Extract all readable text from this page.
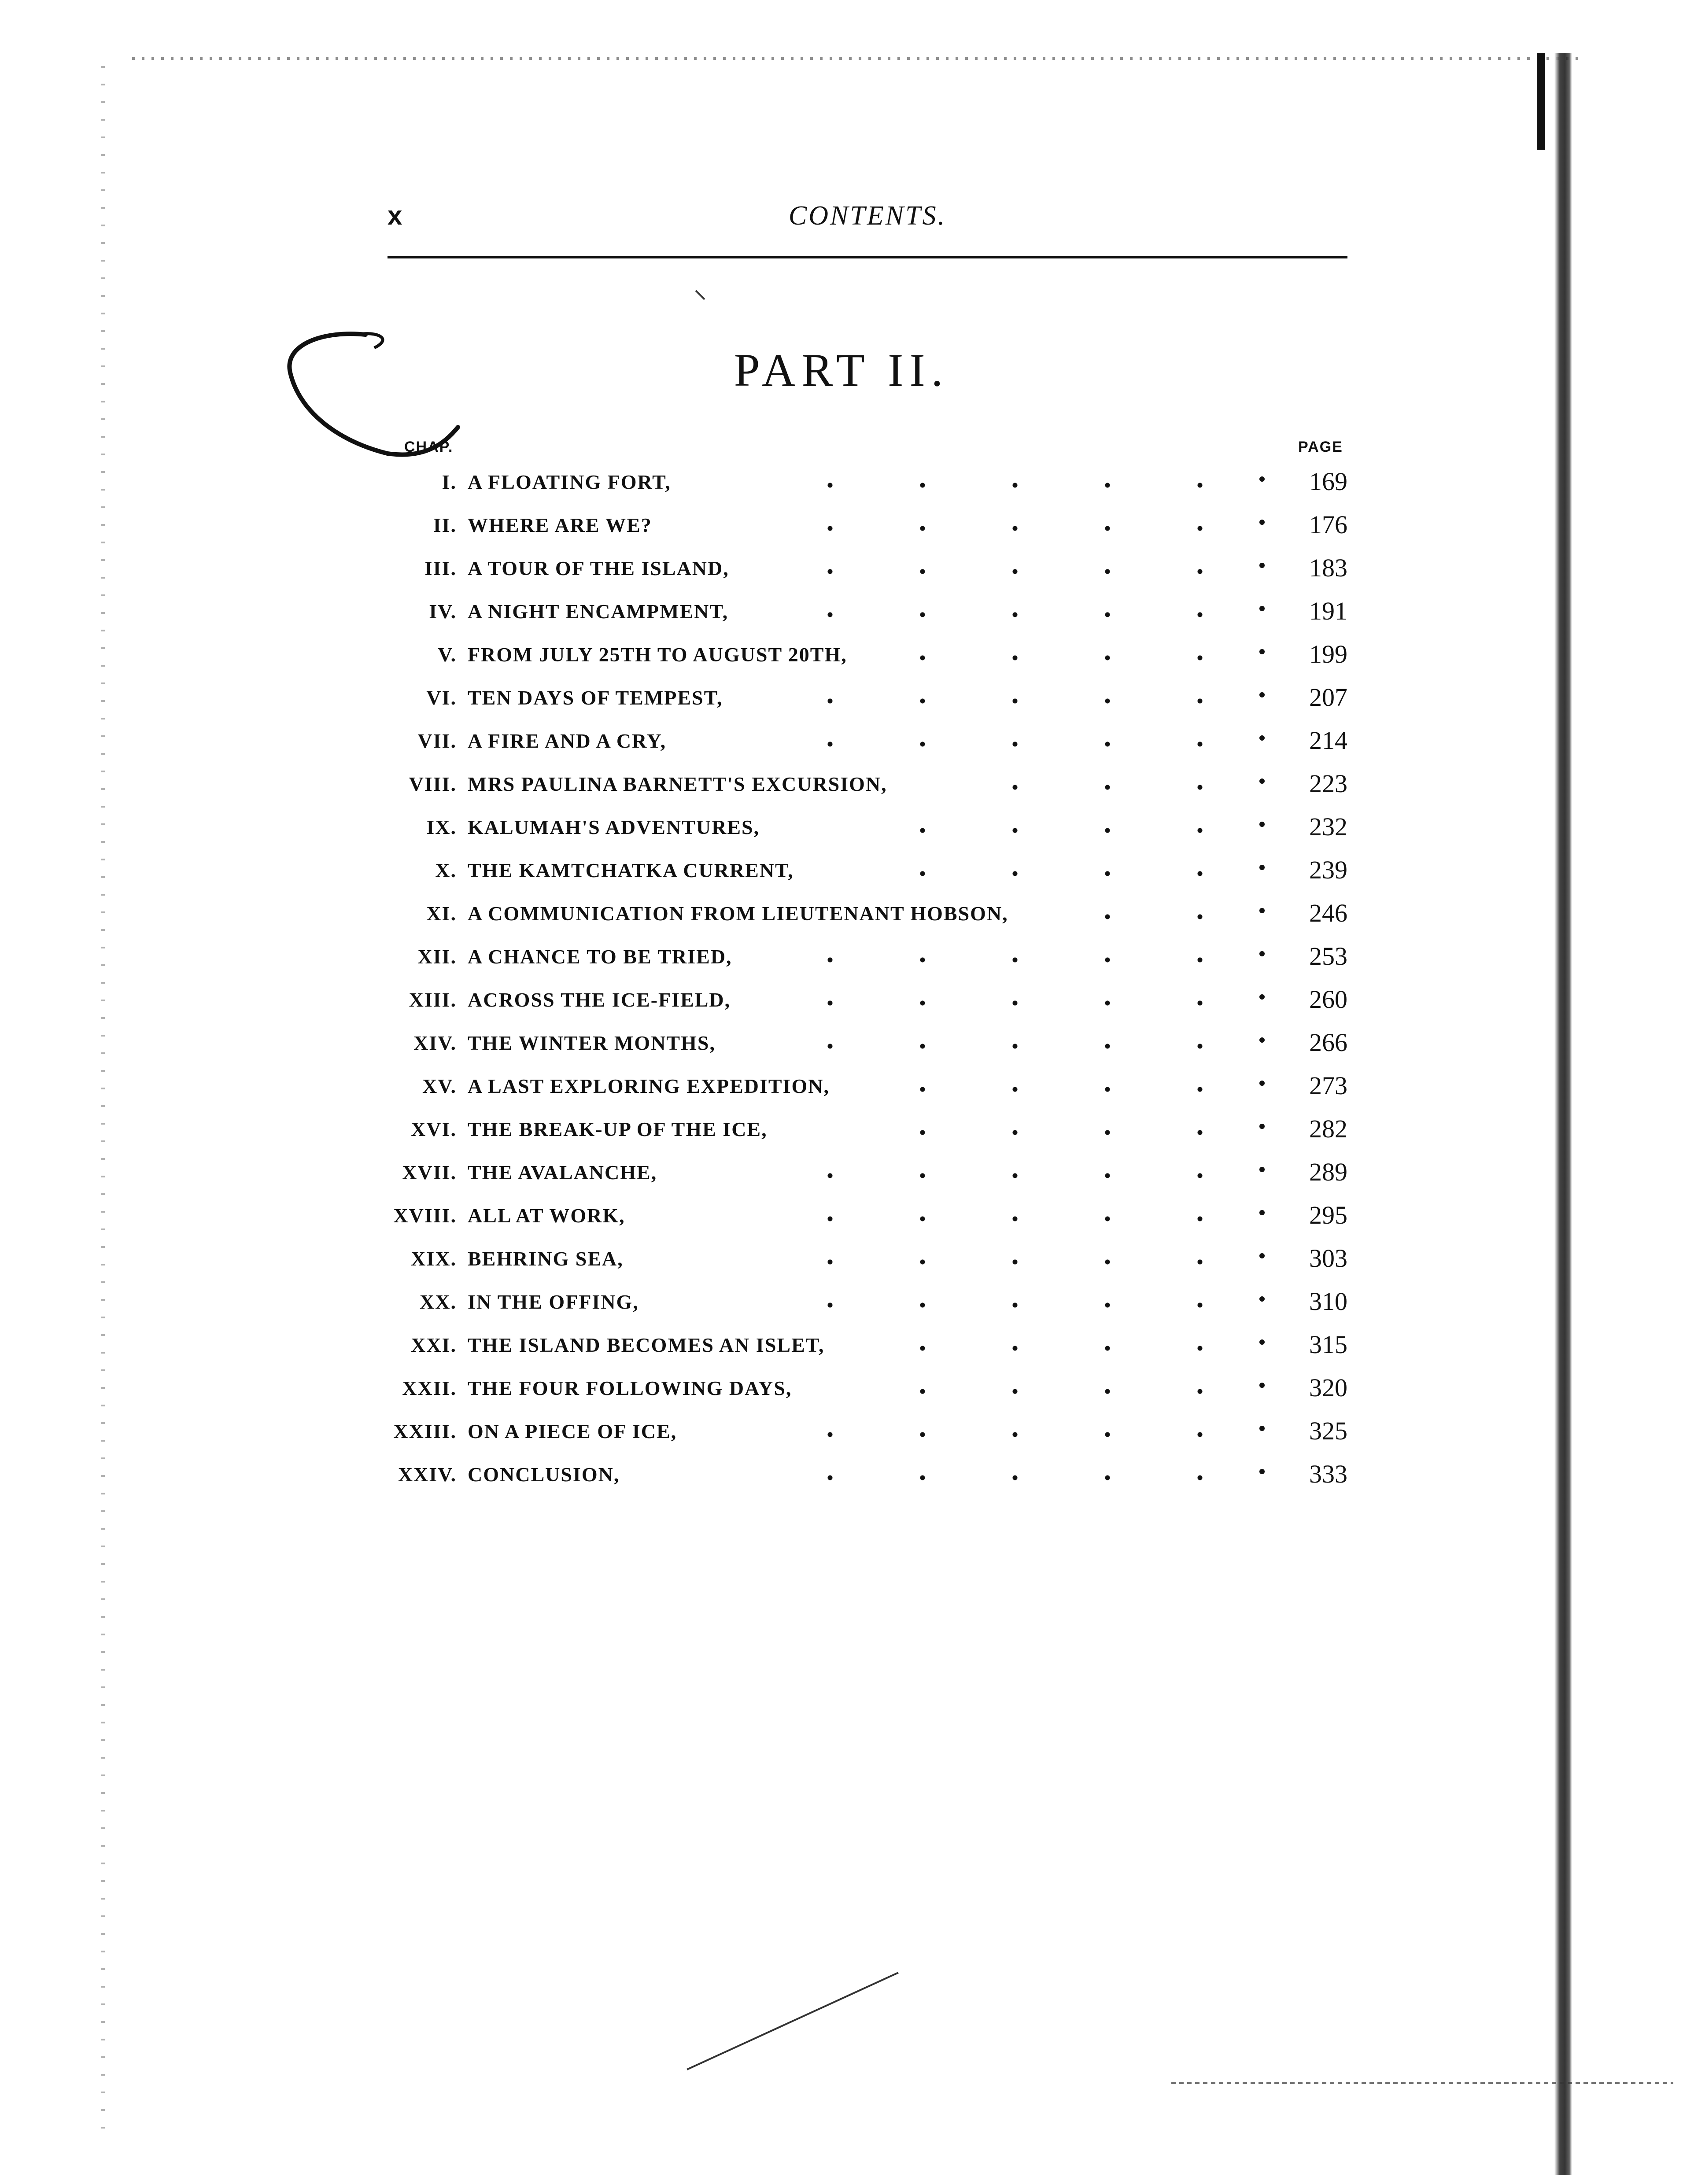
x	CONTENTS.
PART II.
CHAP.	PAGE
I. A FLOATING FORT,	169
II. WHERE ARE WE?	176
III. A TOUR OF THE ISLAND,	183
IV. A NIGHT ENCAMPMENT,	191
V. FROM JULY 25TH TO AUGUST 20TH,	199
VI. TEN DAYS OF TEMPEST,	207
VII. A FIRE AND A CRY,	214
VIII. MRS PAULINA BARNETT'S EXCURSION,	223
IX. KALUMAH'S ADVENTURES,	232
X. THE KAMTCHATKA CURRENT,	239
XI. A COMMUNICATION FROM LIEUTENANT HOBSON,	246
XII. A CHANCE TO BE TRIED,	253
XIII. ACROSS THE ICE-FIELD,	260
XIV. THE WINTER MONTHS,	266
XV. A LAST EXPLORING EXPEDITION,	273
XVI. THE BREAK-UP OF THE ICE,	282
XVII. THE AVALANCHE,	289
XVIII. ALL AT WORK,	295
XIX. BEHRING SEA,	303
XX. IN THE OFFING,	310
XXI. THE ISLAND BECOMES AN ISLET,	315
XXII. THE FOUR FOLLOWING DAYS,	320
XXIII. ON A PIECE OF ICE,	325
XXIV. CONCLUSION,	333
